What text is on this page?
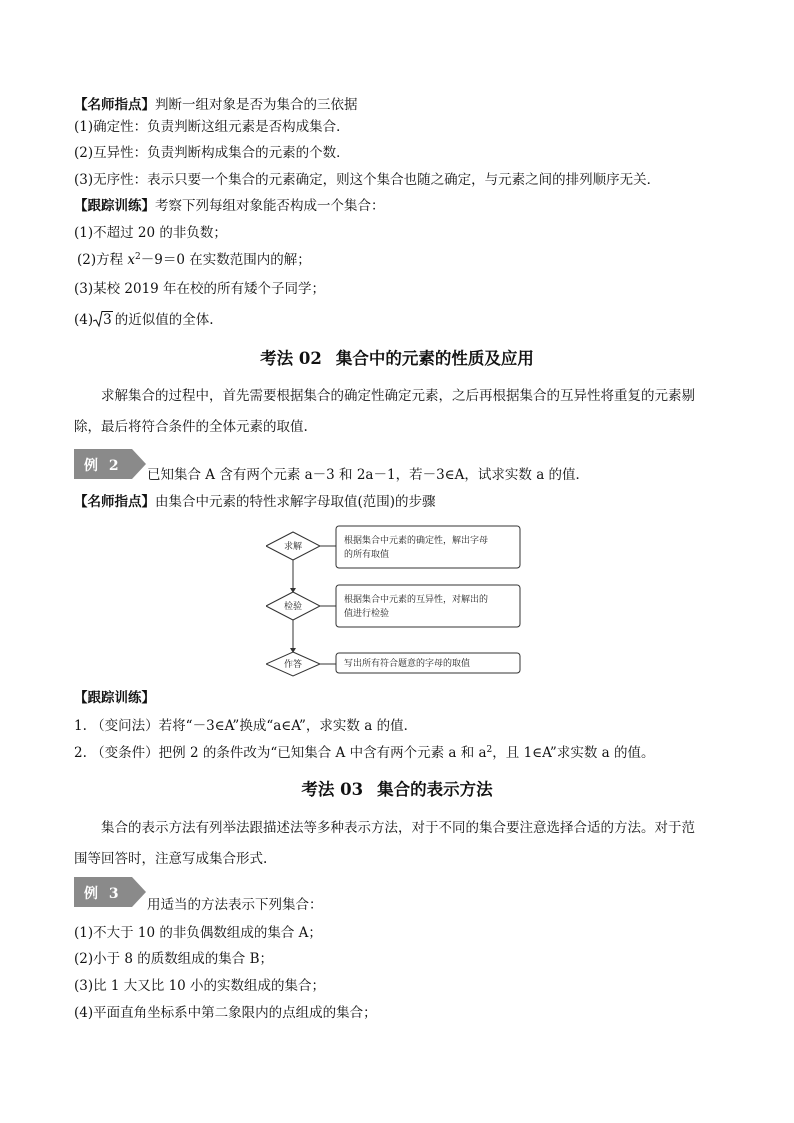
【名师指点】判断一组对象是否为集合的三依据
(1)确定性：负责判断这组元素是否构成集合．
(2)互异性：负责判断构成集合的元素的个数．
(3)无序性：表示只要一个集合的元素确定，则这个集合也随之确定，与元素之间的排列顺序无关．
【跟踪训练】考察下列每组对象能否构成一个集合：
(1)不超过 20 的非负数；
(2)方程 $x^2-9=0$ 在实数范围内的解；
(3)某校 2019 年在校的所有矮个子同学；
(4) 3 的近似值的全体.
考法 02 集合中的元素的性质及应用
求解集合的过程中，首先需要根据集合的确定性确定元素，之后再根据集合的互异性将重复的元素剔
除，最后将符合条件的全体元素的取值.
例 2
已知集合 A 含有两个元素 a－3 和 2a－1，若－3∈A，试求实数 a 的值．
【名师指点】由集合中元素的特性求解字母取值(范围)的步骤
求解
检验
作答
根据集合中元素的确定性，解出字母
的所有取值
根据集合中元素的互异性，对解出的
值进行检验
写出所有符合题意的字母的取值
【跟踪训练】
1. （变问法）若将“－3∈A”换成“a∈A”，求实数 a 的值．
2. （变条件）把例 2 的条件改为“已知集合 A 中含有两个元素 a 和 $a^2$，且 1∈A”求实数 a 的值。
考法 03 集合的表示方法
集合的表示方法有列举法跟描述法等多种表示方法，对于不同的集合要注意选择合适的方法。对于范
围等回答时，注意写成集合形式.
例 3
用适当的方法表示下列集合：
(1)不大于 10 的非负偶数组成的集合 A；
(2)小于 8 的质数组成的集合 B；
(3)比 1 大又比 10 小的实数组成的集合；
(4)平面直角坐标系中第二象限内的点组成的集合；
